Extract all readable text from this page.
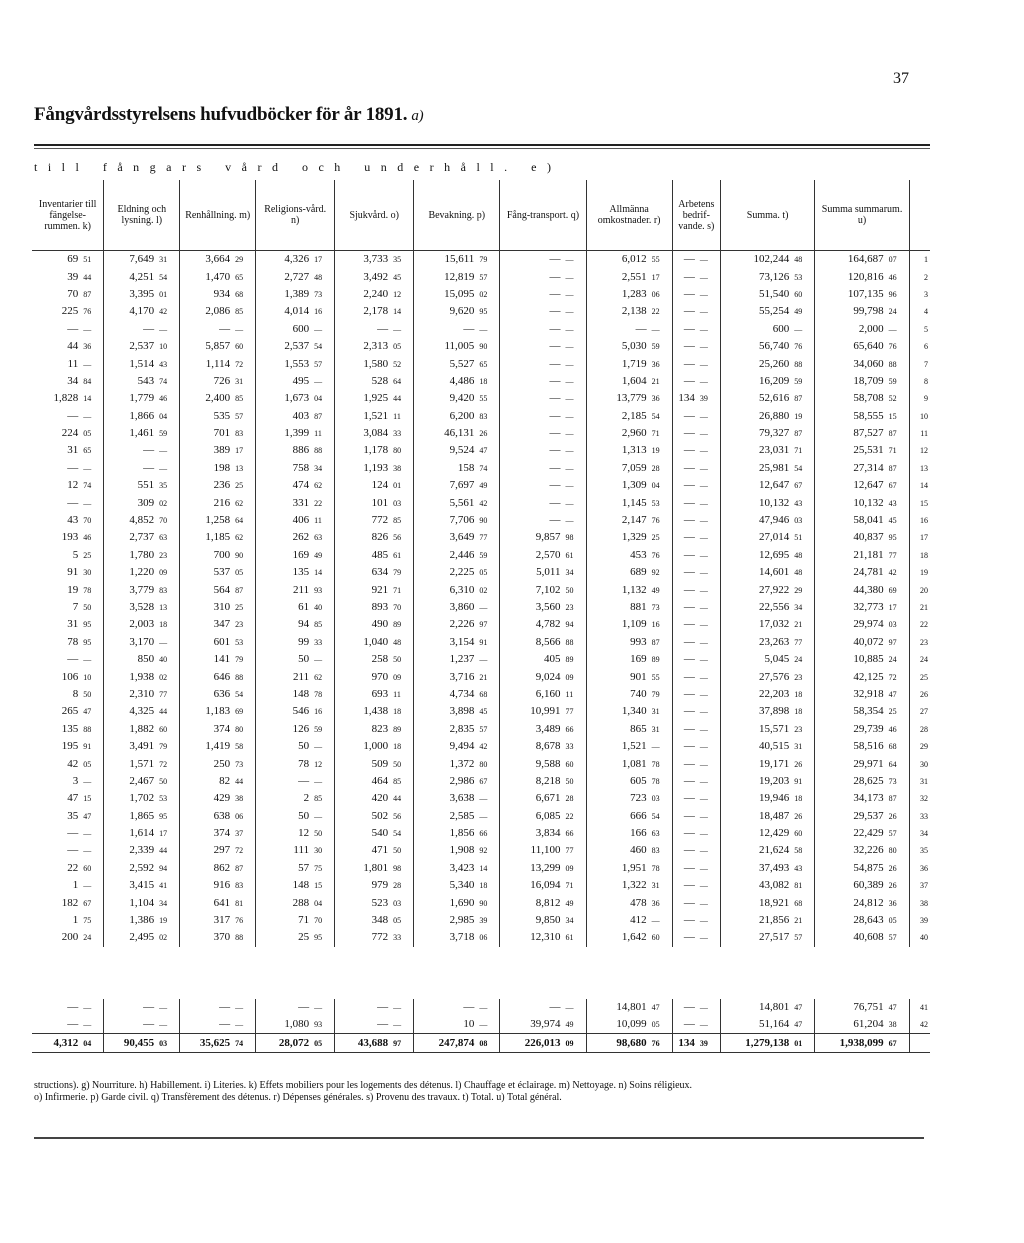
37
Fångvårdsstyrelsens hufvudböcker för år 1891. a)
till fångars vård och underhåll. e)
Inventarier till fängelse-rummen. k)		Eldning och lysning. l)		Renhållning. m)		Religions-vård. n)		Sjukvård. o)		Bevakning. p)		Fång-transport. q)		Allmänna omkostnader. r)		Arbetens bedrif-vande. s)		Summa. t)		Summa summarum. u)		
69	51	7,649	31	3,664	29	4,326	17	3,733	35	15,611	79	—	—	6,012	55	—	—	102,244	48	164,687	07	1
39	44	4,251	54	1,470	65	2,727	48	3,492	45	12,819	57	—	—	2,551	17	—	—	73,126	53	120,816	46	2
70	87	3,395	01	934	68	1,389	73	2,240	12	15,095	02	—	—	1,283	06	—	—	51,540	60	107,135	96	3
225	76	4,170	42	2,086	85	4,014	16	2,178	14	9,620	95	—	—	2,138	22	—	—	55,254	49	99,798	24	4
—	—	—	—	—	—	600	—	—	—	—	—	—	—	—	—	—	—	600	—	2,000	—	5
44	36	2,537	10	5,857	60	2,537	54	2,313	05	11,005	90	—	—	5,030	59	—	—	56,740	76	65,640	76	6
11	—	1,514	43	1,114	72	1,553	57	1,580	52	5,527	65	—	—	1,719	36	—	—	25,260	88	34,060	88	7
34	84	543	74	726	31	495	—	528	64	4,486	18	—	—	1,604	21	—	—	16,209	59	18,709	59	8
1,828	14	1,779	46	2,400	85	1,673	04	1,925	44	9,420	55	—	—	13,779	36	134	39	52,616	87	58,708	52	9
—	—	1,866	04	535	57	403	87	1,521	11	6,200	83	—	—	2,185	54	—	—	26,880	19	58,555	15	10
224	05	1,461	59	701	83	1,399	11	3,084	33	46,131	26	—	—	2,960	71	—	—	79,327	87	87,527	87	11
31	65	—	—	389	17	886	88	1,178	80	9,524	47	—	—	1,313	19	—	—	23,031	71	25,531	71	12
—	—	—	—	198	13	758	34	1,193	38	158	74	—	—	7,059	28	—	—	25,981	54	27,314	87	13
12	74	551	35	236	25	474	62	124	01	7,697	49	—	—	1,309	04	—	—	12,647	67	12,647	67	14
—	—	309	02	216	62	331	22	101	03	5,561	42	—	—	1,145	53	—	—	10,132	43	10,132	43	15
43	70	4,852	70	1,258	64	406	11	772	85	7,706	90	—	—	2,147	76	—	—	47,946	03	58,041	45	16
193	46	2,737	63	1,185	62	262	63	826	56	3,649	77	9,857	98	1,329	25	—	—	27,014	51	40,837	95	17
5	25	1,780	23	700	90	169	49	485	61	2,446	59	2,570	61	453	76	—	—	12,695	48	21,181	77	18
91	30	1,220	09	537	05	135	14	634	79	2,225	05	5,011	34	689	92	—	—	14,601	48	24,781	42	19
19	78	3,779	83	564	87	211	93	921	71	6,310	02	7,102	50	1,132	49	—	—	27,922	29	44,380	69	20
7	50	3,528	13	310	25	61	40	893	70	3,860	—	3,560	23	881	73	—	—	22,556	34	32,773	17	21
31	95	2,003	18	347	23	94	85	490	89	2,226	97	4,782	94	1,109	16	—	—	17,032	21	29,974	03	22
78	95	3,170	—	601	53	99	33	1,040	48	3,154	91	8,566	88	993	87	—	—	23,263	77	40,072	97	23
—	—	850	40	141	79	50	—	258	50	1,237	—	405	89	169	89	—	—	5,045	24	10,885	24	24
106	10	1,938	02	646	88	211	62	970	09	3,716	21	9,024	09	901	55	—	—	27,576	23	42,125	72	25
8	50	2,310	77	636	54	148	78	693	11	4,734	68	6,160	11	740	79	—	—	22,203	18	32,918	47	26
265	47	4,325	44	1,183	69	546	16	1,438	18	3,898	45	10,991	77	1,340	31	—	—	37,898	18	58,354	25	27
135	88	1,882	60	374	80	126	59	823	89	2,835	57	3,489	66	865	31	—	—	15,571	23	29,739	46	28
195	91	3,491	79	1,419	58	50	—	1,000	18	9,494	42	8,678	33	1,521	—	—	—	40,515	31	58,516	68	29
42	05	1,571	72	250	73	78	12	509	50	1,372	80	9,588	60	1,081	78	—	—	19,171	26	29,971	64	30
3	—	2,467	50	82	44	—	—	464	85	2,986	67	8,218	50	605	78	—	—	19,203	91	28,625	73	31
47	15	1,702	53	429	38	2	85	420	44	3,638	—	6,671	28	723	03	—	—	19,946	18	34,173	87	32
35	47	1,865	95	638	06	50	—	502	56	2,585	—	6,085	22	666	54	—	—	18,487	26	29,537	26	33
—	—	1,614	17	374	37	12	50	540	54	1,856	66	3,834	66	166	63	—	—	12,429	60	22,429	57	34
—	—	2,339	44	297	72	111	30	471	50	1,908	92	11,100	77	460	83	—	—	21,624	58	32,226	80	35
22	60	2,592	94	862	87	57	75	1,801	98	3,423	14	13,299	09	1,951	78	—	—	37,493	43	54,875	26	36
1	—	3,415	41	916	83	148	15	979	28	5,340	18	16,094	71	1,322	31	—	—	43,082	81	60,389	26	37
182	67	1,104	34	641	81	288	04	523	03	1,690	90	8,812	49	478	36	—	—	18,921	68	24,812	36	38
1	75	1,386	19	317	76	71	70	348	05	2,985	39	9,850	34	412	—	—	—	21,856	21	28,643	05	39
200	24	2,495	02	370	88	25	95	772	33	3,718	06	12,310	61	1,642	60	—	—	27,517	57	40,608	57	40

—	—	—	—	—	—	—	—	—	—	—	—	—	—	14,801	47	—	—	14,801	47	76,751	47	41
—	—	—	—	—	—	1,080	93	—	—	10	—	39,974	49	10,099	05	—	—	51,164	47	61,204	38	42
4,312	04	90,455	03	35,625	74	28,072	05	43,688	97	247,874	08	226,013	09	98,680	76	134	39	1,279,138	01	1,938,099	67	
structions). g) Nourriture. h) Habillement. i) Literies. k) Effets mobiliers pour les logements des détenus. l) Chauffage et éclairage. m) Nettoyage. n) Soins réligieux.
o) Infirmerie. p) Garde civil. q) Transfèrement des détenus. r) Dépenses générales. s) Provenu des travaux. t) Total. u) Total général.
